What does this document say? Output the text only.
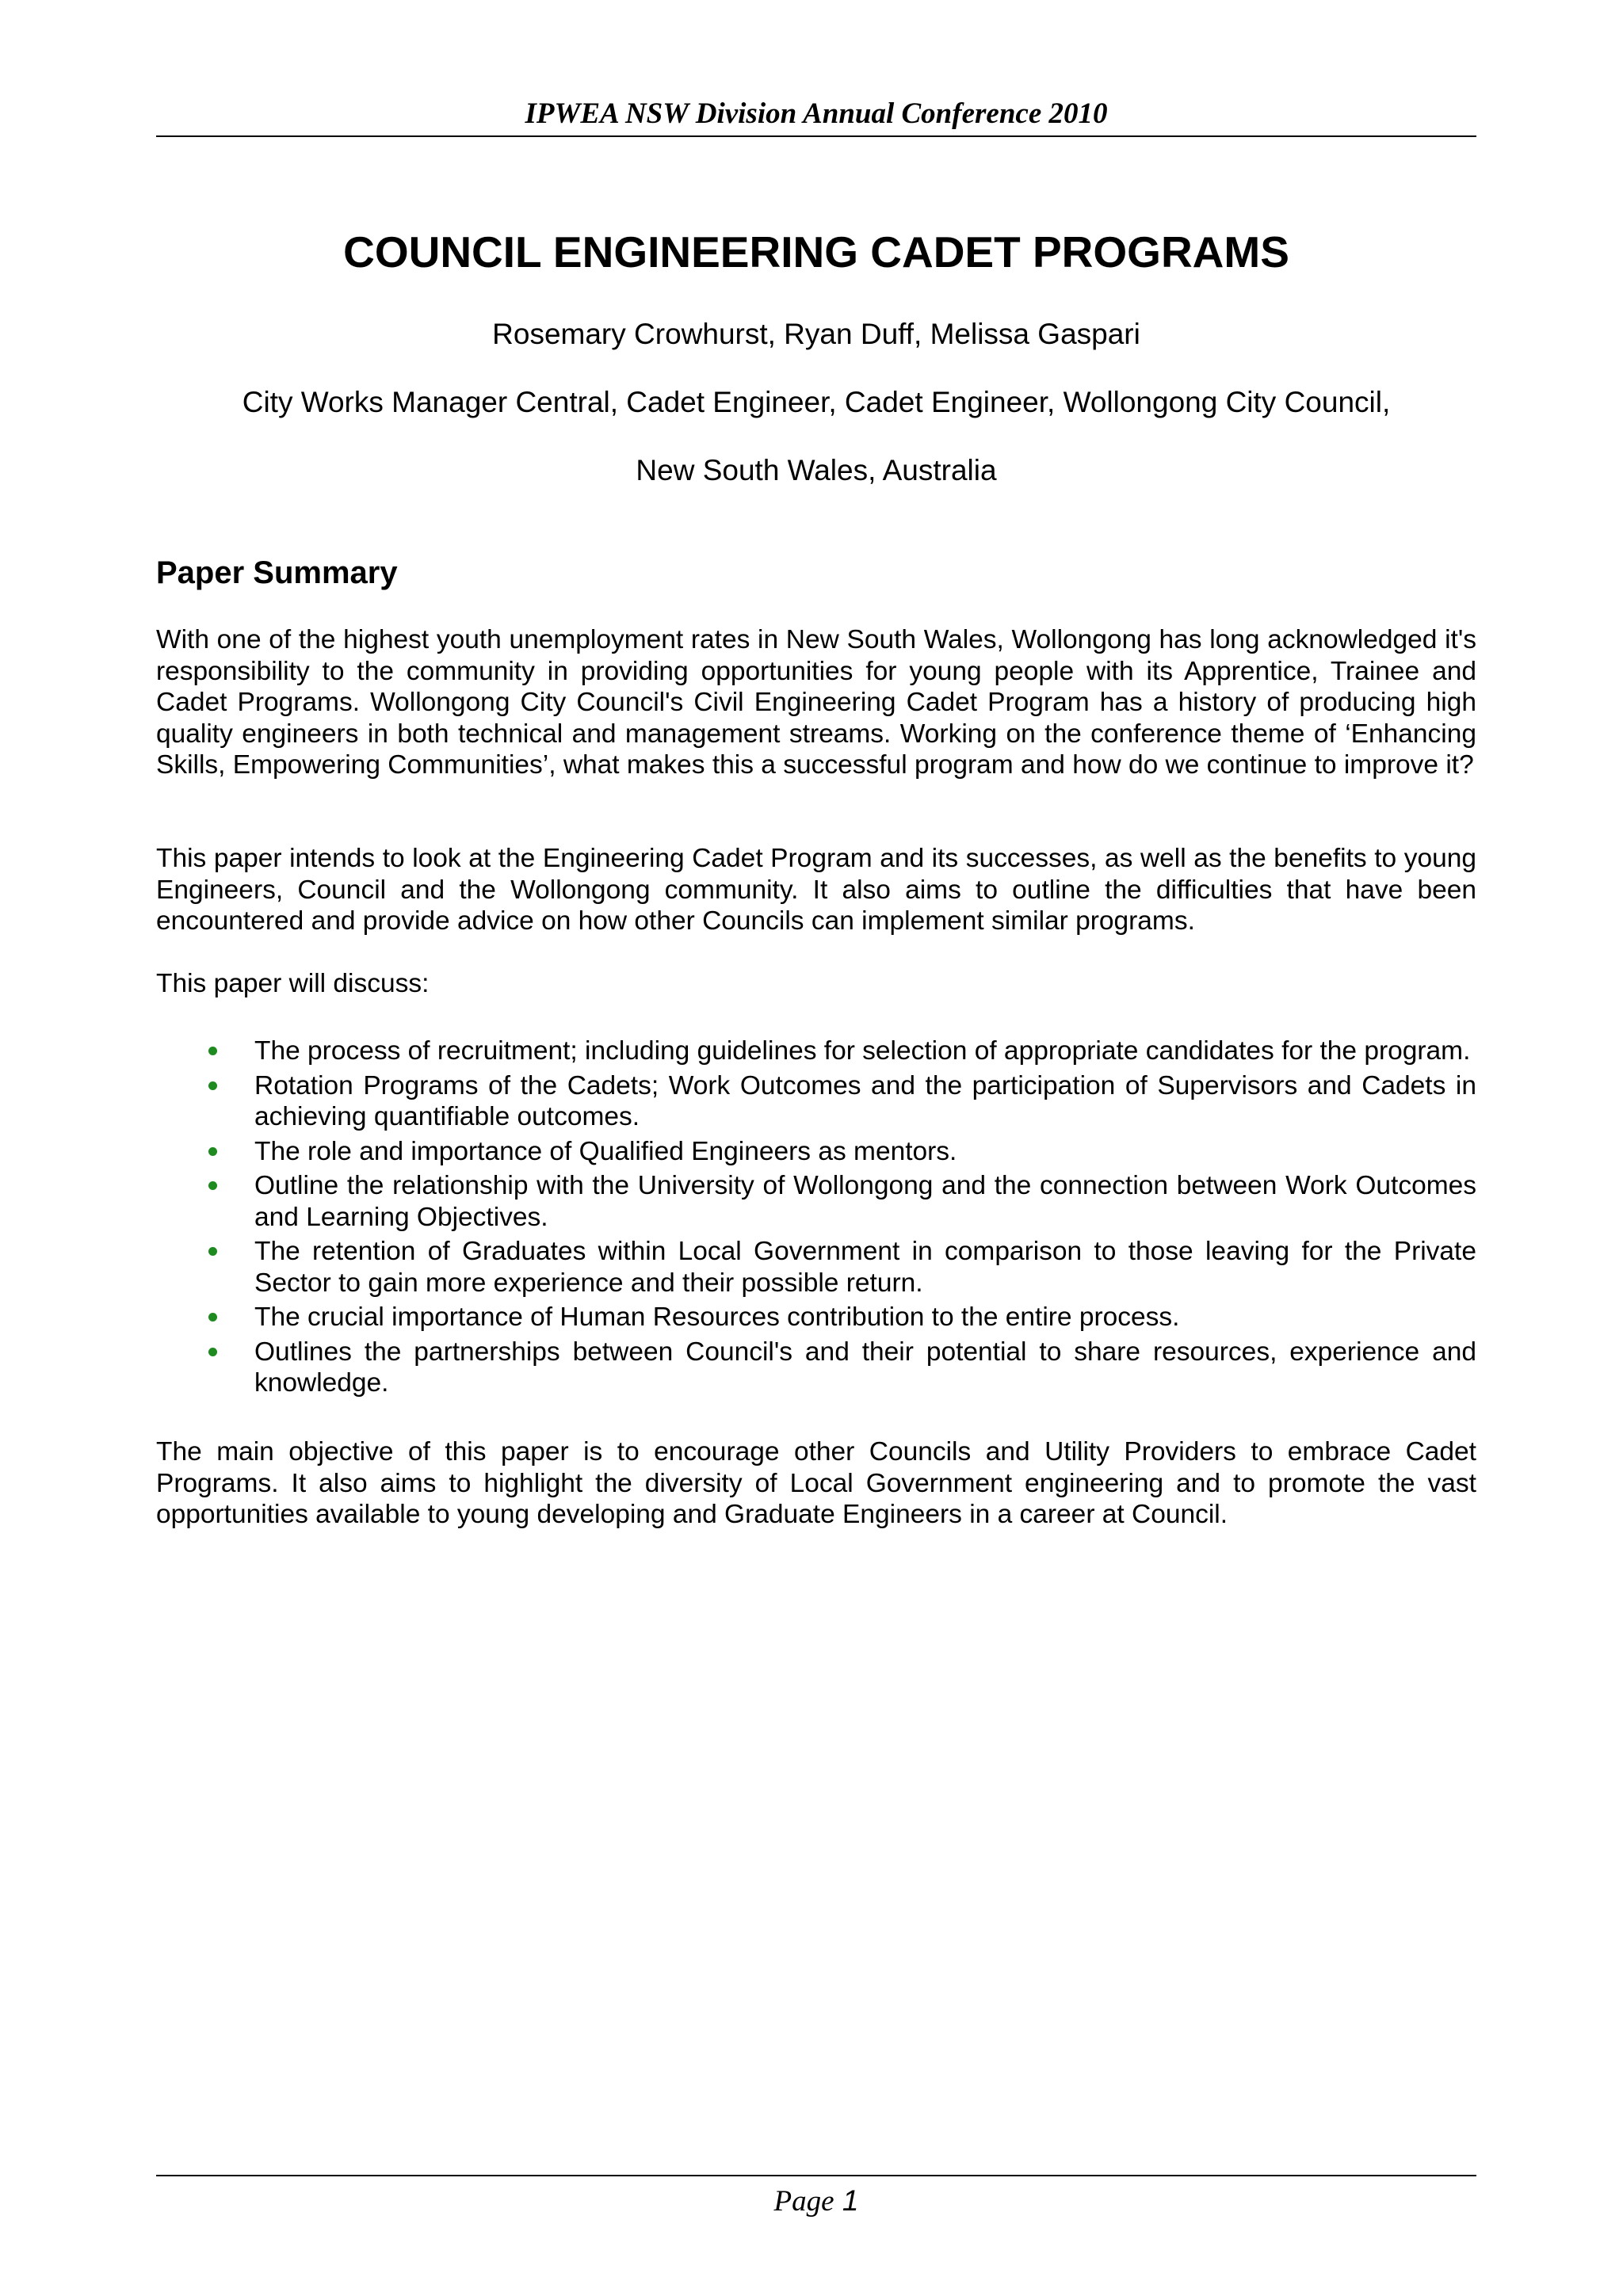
IPWEA NSW Division Annual Conference 2010
COUNCIL ENGINEERING CADET PROGRAMS
Rosemary Crowhurst, Ryan Duff, Melissa Gaspari
City Works Manager Central, Cadet Engineer, Cadet Engineer, Wollongong City Council,
New South Wales, Australia
Paper Summary
With one of the highest youth unemployment rates in New South Wales, Wollongong has long acknowledged it's responsibility to the community in providing opportunities for young people with its Apprentice, Trainee and Cadet Programs. Wollongong City Council's Civil Engineering Cadet Program has a history of producing high quality engineers in both technical and management streams. Working on the conference theme of ‘Enhancing Skills, Empowering Communities’, what makes this a successful program and how do we continue to improve it?
This paper intends to look at the Engineering Cadet Program and its successes, as well as the benefits to young Engineers, Council and the Wollongong community. It also aims to outline the difficulties that have been encountered and provide advice on how other Councils can implement similar programs.
This paper will discuss:
The process of recruitment; including guidelines for selection of appropriate candidates for the program.
Rotation Programs of the Cadets; Work Outcomes and the participation of Supervisors and Cadets in achieving quantifiable outcomes.
The role and importance of Qualified Engineers as mentors.
Outline the relationship with the University of Wollongong and the connection between Work Outcomes and Learning Objectives.
The retention of Graduates within Local Government in comparison to those leaving for the Private Sector to gain more experience and their possible return.
The crucial importance of Human Resources contribution to the entire process.
Outlines the partnerships between Council's and their potential to share resources, experience and knowledge.
The main objective of this paper is to encourage other Councils and Utility Providers to embrace Cadet Programs. It also aims to highlight the diversity of Local Government engineering and to promote the vast opportunities available to young developing and Graduate Engineers in a career at Council.
Page 1
